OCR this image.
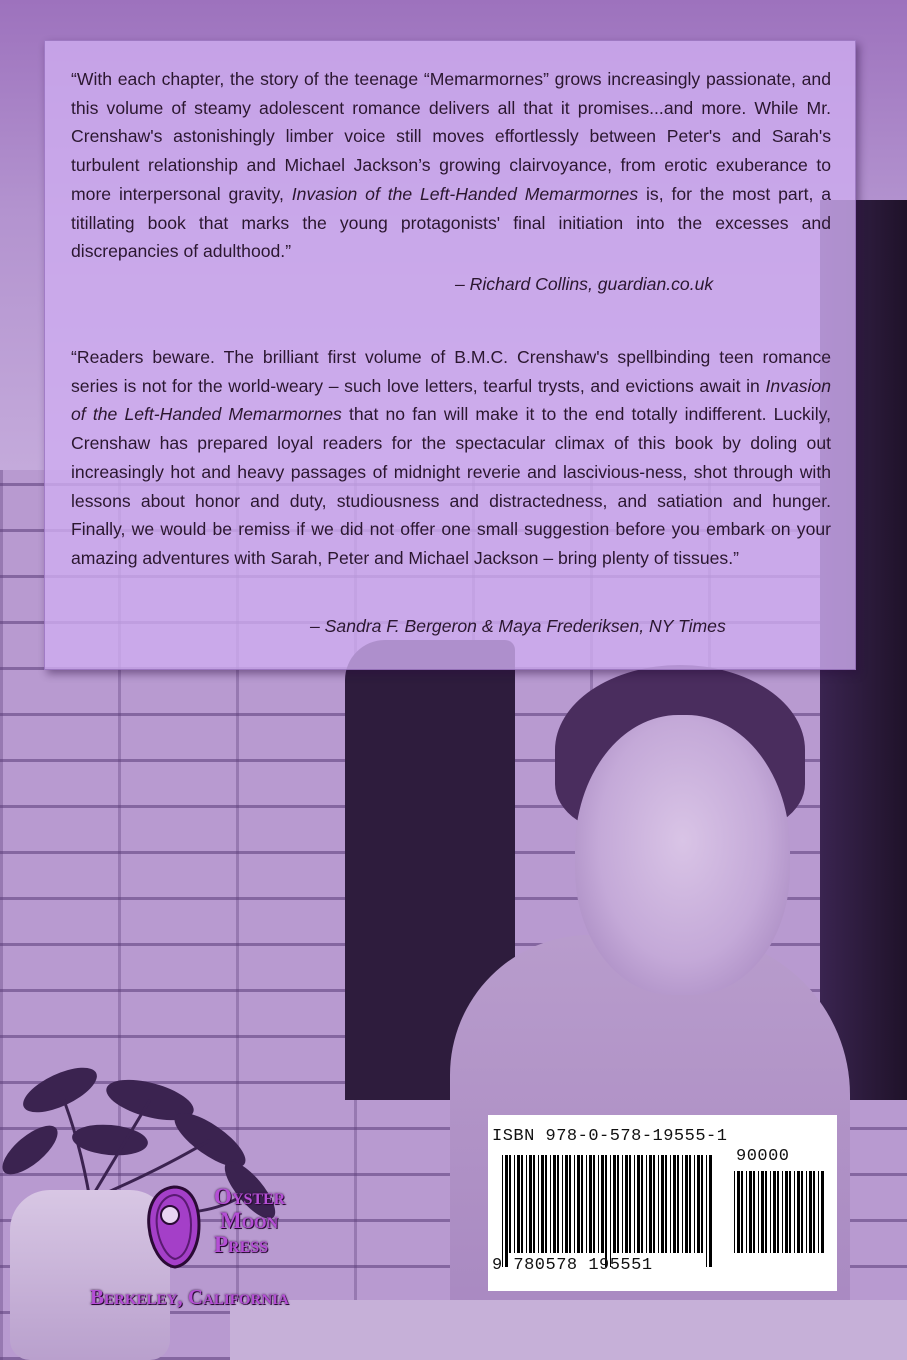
“With each chapter, the story of the teenage “Memarmornes” grows increasingly passionate, and this volume of steamy adolescent romance delivers all that it promises...and more. While Mr. Crenshaw's astonishingly limber voice still moves effortlessly between Peter's and Sarah's turbulent relationship and Michael Jackson’s growing clairvoyance, from erotic exuberance to more interpersonal gravity, Invasion of the Left-Handed Memarmornes is, for the most part, a titillating book that marks the young protagonists' final initiation into the excesses and discrepancies of adulthood.”

– Richard Collins, guardian.co.uk

“Readers beware. The brilliant first volume of B.M.C. Crenshaw's spellbinding teen romance series is not for the world-weary – such love letters, tearful trysts, and evictions await in Invasion of the Left-Handed Memarmornes that no fan will make it to the end totally indifferent. Luckily, Crenshaw has prepared loyal readers for the spectacular climax of this book by doling out increasingly hot and heavy passages of midnight reverie and lascivious-ness, shot through with lessons about honor and duty, studiousness and distractedness, and satiation and hunger. Finally, we would be remiss if we did not offer one small suggestion before you embark on your amazing adventures with Sarah, Peter and Michael Jackson – bring plenty of tissues.”

– Sandra F. Bergeron & Maya Frederiksen, NY Times
Oyster
Moon
Press
Berkeley, California
ISBN 978-0-578-19555-1
90000
9 780578 195551
